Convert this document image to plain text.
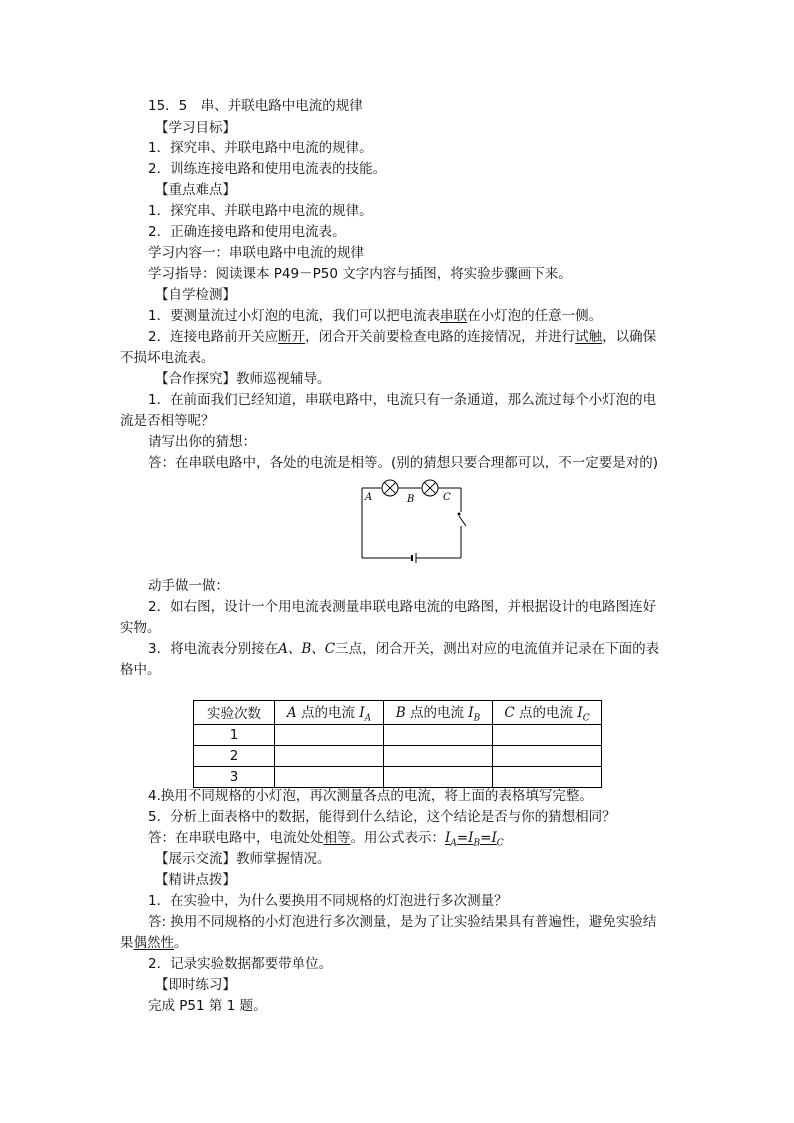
15．5　串、并联电路中电流的规律
【学习目标】
1．探究串、并联电路中电流的规律。
2．训练连接电路和使用电流表的技能。
【重点难点】
1．探究串、并联电路中电流的规律。
2．正确连接电路和使用电流表。
学习内容一：串联电路中电流的规律
学习指导：阅读课本 P49－P50 文字内容与插图，将实验步骤画下来。
【自学检测】
1．要测量流过小灯泡的电流，我们可以把电流表串联在小灯泡的任意一侧。
2．连接电路前开关应断开，闭合开关前要检查电路的连接情况，并进行试触，以确保
不损坏电流表。
【合作探究】教师巡视辅导。
1．在前面我们已经知道，串联电路中，电流只有一条通道，那么流过每个小灯泡的电
流是否相等呢？
请写出你的猜想：
答：在串联电路中，各处的电流是相等。(别的猜想只要合理都可以，不一定要是对的)
A	B	C
动手做一做：
2．如右图，设计一个用电流表测量串联电路电流的电路图，并根据设计的电路图连好
实物。
3．将电流表分别接在A、B、C三点，闭合开关，测出对应的电流值并记录在下面的表
格中。
实验次数	A 点的电流 $I_A$	B 点的电流 $I_B$	C 点的电流 $I_C$
1			
2			
3			
4.换用不同规格的小灯泡，再次测量各点的电流，将上面的表格填写完整。
5．分析上面表格中的数据，能得到什么结论，这个结论是否与你的猜想相同？
答：在串联电路中，电流处处相等。用公式表示：$I_A=I_B=I_C$
【展示交流】教师掌握情况。
【精讲点拨】
1．在实验中，为什么要换用不同规格的灯泡进行多次测量？
答: 换用不同规格的小灯泡进行多次测量，是为了让实验结果具有普遍性，避免实验结
果偶然性。
2．记录实验数据都要带单位。
【即时练习】
完成 P51 第 1 题。
